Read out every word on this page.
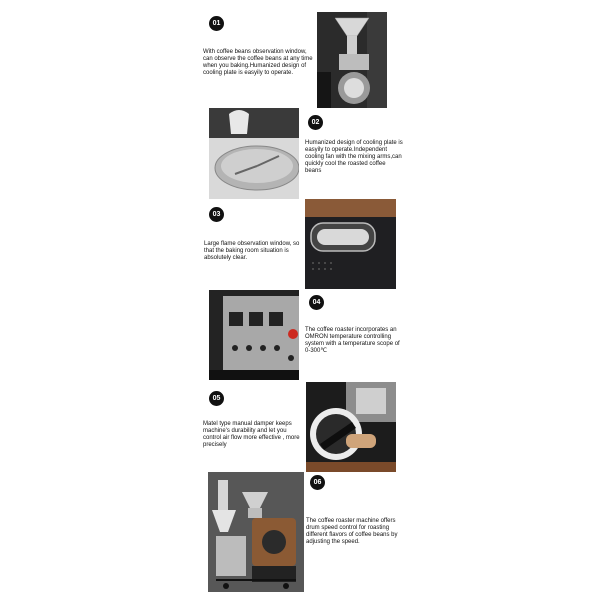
01
With coffee beans observation window, can observe the coffee beans at any time when you baking.Humanized design of cooling plate is easyily to operate.
02
Humanized design of cooling plate is easyily to operate.Independent cooling fan with the mixing arms,can quickly cool the roasted coffee beans
03
Large flame observation window, so that the baking room situation is absolutely clear.
04
The coffee roaster incorporates an OMRON temperature controlling system with a temperature scope of 0-300℃
05
Matel type manual damper keeps machine's durability and let you control air flow more effective , more precisely
06
The coffee roaster machine offers drum speed control for roasting different flavors of coffee beans by adjusting the speed.
